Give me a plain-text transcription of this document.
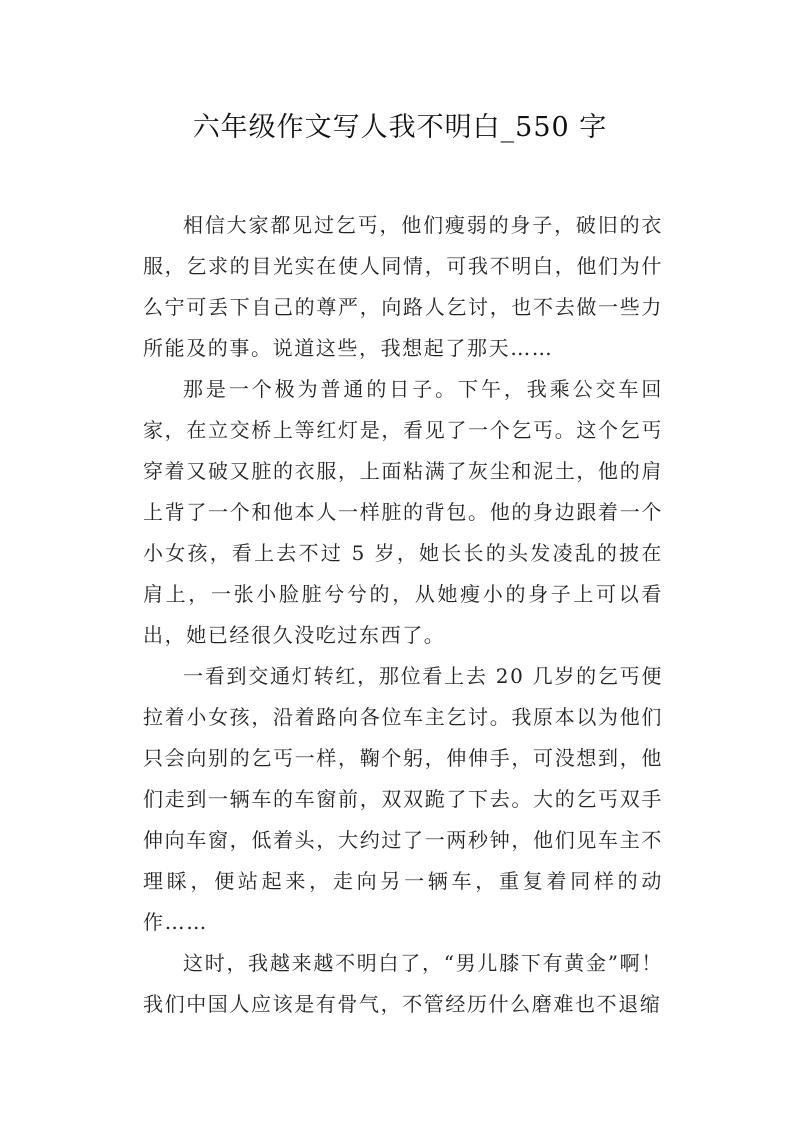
六年级作文写人我不明白_550 字

相信大家都见过乞丐，他们瘦弱的身子，破旧的衣服，乞求的目光实在使人同情，可我不明白，他们为什么宁可丢下自己的尊严，向路人乞讨，也不去做一些力所能及的事。说道这些，我想起了那天……

那是一个极为普通的日子。下午，我乘公交车回家，在立交桥上等红灯是，看见了一个乞丐。这个乞丐穿着又破又脏的衣服，上面粘满了灰尘和泥土，他的肩上背了一个和他本人一样脏的背包。他的身边跟着一个小女孩，看上去不过 5 岁，她长长的头发凌乱的披在肩上，一张小脸脏兮兮的，从她瘦小的身子上可以看出，她已经很久没吃过东西了。

一看到交通灯转红，那位看上去 20 几岁的乞丐便拉着小女孩，沿着路向各位车主乞讨。我原本以为他们只会向别的乞丐一样，鞠个躬，伸伸手，可没想到，他们走到一辆车的车窗前，双双跪了下去。大的乞丐双手伸向车窗，低着头，大约过了一两秒钟，他们见车主不理睬，便站起来，走向另一辆车，重复着同样的动作……

这时，我越来越不明白了，“男儿膝下有黄金”啊！我们中国人应该是有骨气，不管经历什么磨难也不退缩
